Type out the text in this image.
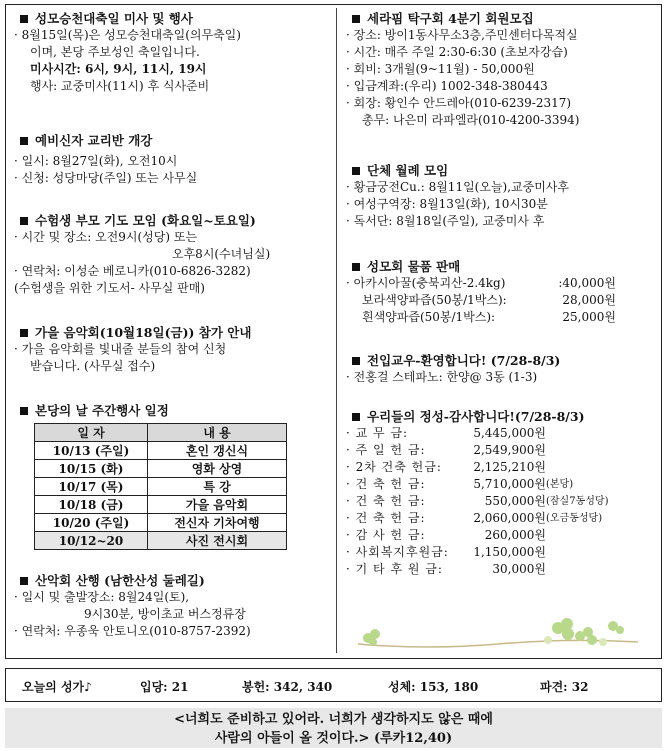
성모승천대축일 미사 및 행사
· 8월15일(목)은 성모승천대축일(의무축일)
이며, 본당 주보성인 축일입니다.
미사시간: 6시, 9시, 11시, 19시
행사: 교중미사(11시) 후 식사준비
예비신자 교리반 개강
· 일시: 8월27일(화), 오전10시
· 신청: 성당마당(주일) 또는 사무실
수험생 부모 기도 모임 (화요일~토요일)
· 시간 및 장소: 오전9시(성당) 또는
오후8시(수녀님실)
· 연락처: 이성순 베로니카(010-6826-3282)
(수험생을 위한 기도서- 사무실 판매)
가을 음악회(10월18일(금)) 참가 안내
· 가을 음악회를 빛내줄 분들의 참여 신청
받습니다. (사무실 접수)
본당의 날 주간행사 일정
일 자	내 용
10/13 (주일)	혼인 갱신식
10/15 (화)	영화 상영
10/17 (목)	특 강
10/18 (금)	가을 음악회
10/20 (주일)	전신자 기차여행
10/12~20	사진 전시회
산악회 산행 (남한산성 둘레길)
· 일시 및 출발장소: 8월24일(토),
9시30분, 방이초교 버스정류장
· 연락처: 우종욱 안토니오(010-8757-2392)
세라핌 탁구회 4분기 회원모집
· 장소: 방이1동사무소3층,주민센터다목적실
· 시간: 매주 주일 2:30-6:30 (초보자강습)
· 회비: 3개월(9~11월) - 50,000원
· 입금계좌:(우리) 1002-348-380443
· 회장: 황인수 안드레아(010-6239-2317)
총무: 나은미 라파엘라(010-4200-3394)
단체 월례 모임
· 황금궁전Cu.: 8월11일(오늘),교중미사후
· 여성구역장: 8월13일(화), 10시30분
· 독서단: 8월18일(주일), 교중미사 후
성모회 물품 판매
· 아카시아꿀(충북괴산-2.4kg)	:40,000원
보라색양파즙(50봉/1박스):	28,000원
흰색양파즙(50봉/1박스):	25,000원
전입교우-환영합니다! (7/28-8/3)
· 전홍걸 스테파노: 한양@ 3동 (1-3)
우리들의 정성-감사합니다!(7/28-8/3)
· 교 무 금:	5,445,000원
· 주 일 헌 금:	2,549,900원
· 2차 건축 헌금:	2,125,210원
· 건 축 헌 금:	5,710,000원 (본당)
· 건 축 헌 금:	550,000원 (잠실7동성당)
· 건 축 헌 금:	2,060,000원 (오금동성당)
· 감 사 헌 금:	260,000원
· 사회복지후원금:	1,150,000원
· 기 타 후 원 금:	30,000원
오늘의 성가♪	입당: 21	봉헌: 342, 340	성체: 153, 180	파견: 32
<너희도 준비하고 있어라. 너희가 생각하지도 않은 때에
사람의 아들이 올 것이다.> (루카12,40)
